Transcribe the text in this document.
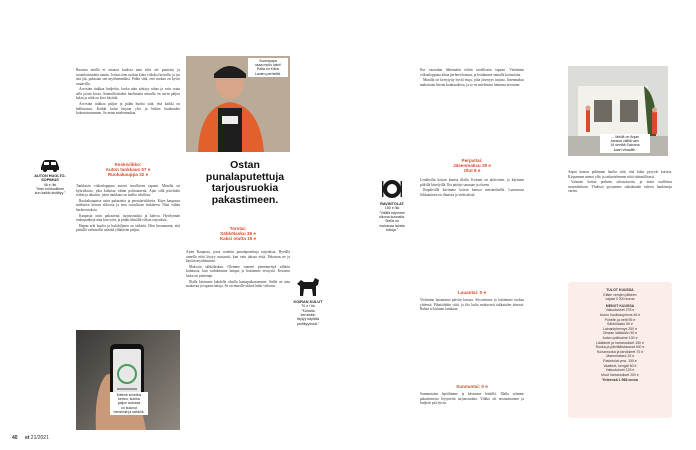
Ruuasta meillä ei omassa kodissa aina edes ole puutetta, ja ruoanlaitostakin nautin. Joskus teen ruokaa koko viikoksi kerralla, ja jos sitä jää, pakastan sen myöhemmäksi. Pidän siitä, että ruokaa on hyvin saatavilla.

Arvostan tiukkaa budjettia, koska näin säästyy rahaa ja voin ostaa sillä jotain kivaa. Saunailloistakin huolimatta minulla on usein paljon kalaa ja niitä on kiva käyttää.

Arvostan tiukkaa paljon ja pidän huolta siitä, että kaikki on hallinnassa. Kaikki kulut kirjaan ylös ja lasken kuukauden kokonaissumman. Se antaa mielenrauhaa.

AUTON HUOLTO-SOPIMUS
46 e /kk
"Ihan kohtuullinen
kun kaikki sisältyy."
Keskiviikko:
Auton tankkaus 57 e
Ruokakauppa 32 e

Tankkasin viikonloppuna autoni tavalliseen tapaan. Minulla on hybridiauto, joka kuluttaa vähän polttoainetta. Ajan sillä päivittäin töihin ja takaisin, joten tankkaus on melko edullista.

Ruokakaupassa ostin pakasteita ja perustarvikkeita. Käyn kaupassa mieluiten kerran viikossa ja teen ostoslistan etukäteen. Näin vältän heräteostoksia.

Kaupasta ostin pakasteita, tarjousruokia ja kahvia. Hyödynnän etukuponkeja aina kun voin, ja pidän silmällä viikon tarjouksia.

Hapan arki huolto ja kuluhiljinen on tärkeää. Olen huomannut, että pienillä valinnoilla säästää yllättävän paljon.

Kätevä sovellus
kertoo, kuinka
paljon autossa
on kulunut
bensiiniä ja sähköä.
Suomipapa
osaa myös vaini!
Palta on Kiitos
Lasten perheiltä.
Ostan
punalaputettuja
tarjousruokia
pakastimeen.
Torstai:
Sähkölasku 39 e
Kaksi olutta 15 e

Ajoin Kaupissa, jossa ostettiin punalaputettuja tarjouksia. Hyvällä onnella niitä löytyy runsaasti, kun vain jaksaa etsiä. Pakastan ne ja käytän myöhemmin.

Maksoin sähkölaskun. Olemme saaneet pienennettyä sähkön kulutusta, kun vaihdoimme lamput ja lisäsimme eristystä. Kesäisin lasku on pienempi.

Illalla kävimme kahdella oluella kantapaikassamme. Siellä on aina mukavaa ja tapaan tuttuja. Se on minulle tärkeä hetki viikossa.

KOIRAN KULUT
70 e / kk
"Koiralla
kerrankin
täytyy käyttää
pedikyyrissä."
RAVINTOLAT
150 e /kk
"Välillä käymme
ulkona kuunaila.
Siellä on
mukavaa tavata
tuttuja."

Ilse varaudun lähtemään töihin tavalliseen tapaan. Vietämme viikonloppuna aikaa perheen kanssa, ja hoidamme samalla kotiasioita.

Minulla on kerrytytty hyviä etuja, joita jäsenyys tarjoaa. Jäsenmaksu maksetaan kerran kuukaudessa, ja se on mielestäni hintansa arvoinen.

Perjantai:
Jäsenmaksu 29 e
Olut 8 e

Lenkkeilin koiran kanssa illalla. Koirani on aktiivinen, ja käymme pitkillä kävelyillä. Ilta päättyi saunaan ja olueen.

Iltapäivällä kävimme koiran kanssa metsäretkellä. Luonnossa liikkuminen on ilmaista ja virkistävää.

Lauantai: 0 e

Vietimme lauantaina päivän kotona. Siivosimme ja laitoimme ruokaa yhdessä. Pihatöitäkin riitti, ja ilta kului mukavasti takkatulen ääressä. Rahaa ei kulunut lainkaan.

Sunnuntai: 0 e

Sunnuntaina lepäilimme ja kävimme lenkillä. Illalla söimme pakastimesta löytyneitä tarjousruokia. Viikko oli tavanomainen ja budjetti piti hyvin.

← Meillä on Anjan
kanssa välillä vain
16 senttiä Satonna
kaari vihaaille.

Anjan kanssa pidämme huolta siitä, että kulut pysyvät kurissa. Kirjaamme menot ylös ja tarkastelemme niitä säännöllisesti.

Vaimoni hoitaa perheen talousasioita, ja minä osallistun suunnitteluun. Yhdessä pystymme säästämään tulevia hankintoja varten.

TULOT KUUSSA
Eläke verojen jälkeen
vajaat 3 000 euroa
MENOT KUUSSA
Vakuutukset 278 e
Auton huoltosopimus 46 e
Puhelin ja netti 55 e
Sähkölasku 59 e
Lainanlyhennys 250 e
Omaan säästöön 50 e
Auton polttoaine 100 e
Lääkkeet ja harrastukset 150 e
Ruoka ja päivittäistavarat 400 e
Koiranruoka ja tarvikkeet 70 e
Jäsenmaksut 15 e
Ravintolat yms. 150 e
Vaatteet, kengät 60 e
Vakuutukset 125 e
Muut harrastukset 200 e
Yhteensä 1 968 euroa
40 et 21/2021
